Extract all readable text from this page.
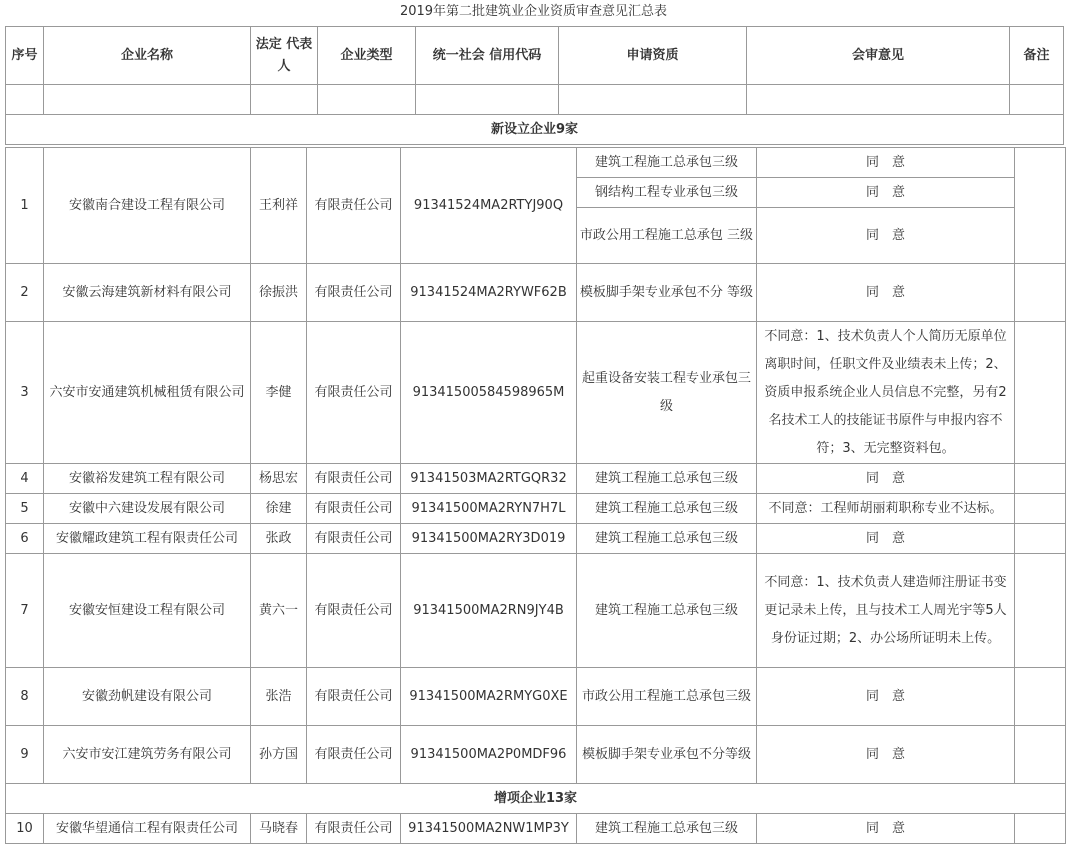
2019年第二批建筑业企业资质审查意见汇总表
序号	企业名称	法定 代表人	企业类型	统一社会 信用代码	申请资质	会审意见	备注

新设立企业9家							
1	安徽南合建设工程有限公司	王利祥	有限责任公司	91341524MA2RTYJ90Q	建筑工程施工总承包三级	同　意	
					钢结构工程专业承包三级	同　意	
					市政公用工程施工总承包 三级	同　意	
2	安徽云海建筑新材料有限公司	徐振洪	有限责任公司	91341524MA2RYWF62B	模板脚手架专业承包不分 等级	同　意	
3	六安市安通建筑机械租赁有限公司	李健	有限责任公司	91341500584598965M	起重设备安装工程专业承包三级	不同意：1、技术负责人个人简历无原单位离职时间，任职文件及业绩表未上传；2、资质申报系统企业人员信息不完整，另有2名技术工人的技能证书原件与申报内容不符；3、无完整资料包。	
4	安徽裕发建筑工程有限公司	杨思宏	有限责任公司	91341503MA2RTGQR32	建筑工程施工总承包三级	同　意	
5	安徽中六建设发展有限公司	徐建	有限责任公司	91341500MA2RYN7H7L	建筑工程施工总承包三级	不同意：工程师胡丽莉职称专业不达标。	
6	安徽耀政建筑工程有限责任公司	张政	有限责任公司	91341500MA2RY3D019	建筑工程施工总承包三级	同　意	
7	安徽安恒建设工程有限公司	黄六一	有限责任公司	91341500MA2RN9JY4B	建筑工程施工总承包三级	不同意：1、技术负责人建造师注册证书变更记录未上传，且与技术工人周光宇等5人身份证过期；2、办公场所证明未上传。	
8	安徽劲帆建设有限公司	张浩	有限责任公司	91341500MA2RMYG0XE	市政公用工程施工总承包三级	同　意	
9	六安市安江建筑劳务有限公司	孙方国	有限责任公司	91341500MA2P0MDF96	模板脚手架专业承包不分等级	同　意	
增项企业13家							
10	安徽华望通信工程有限责任公司	马晓春	有限责任公司	91341500MA2NW1MP3Y	建筑工程施工总承包三级	同　意	
